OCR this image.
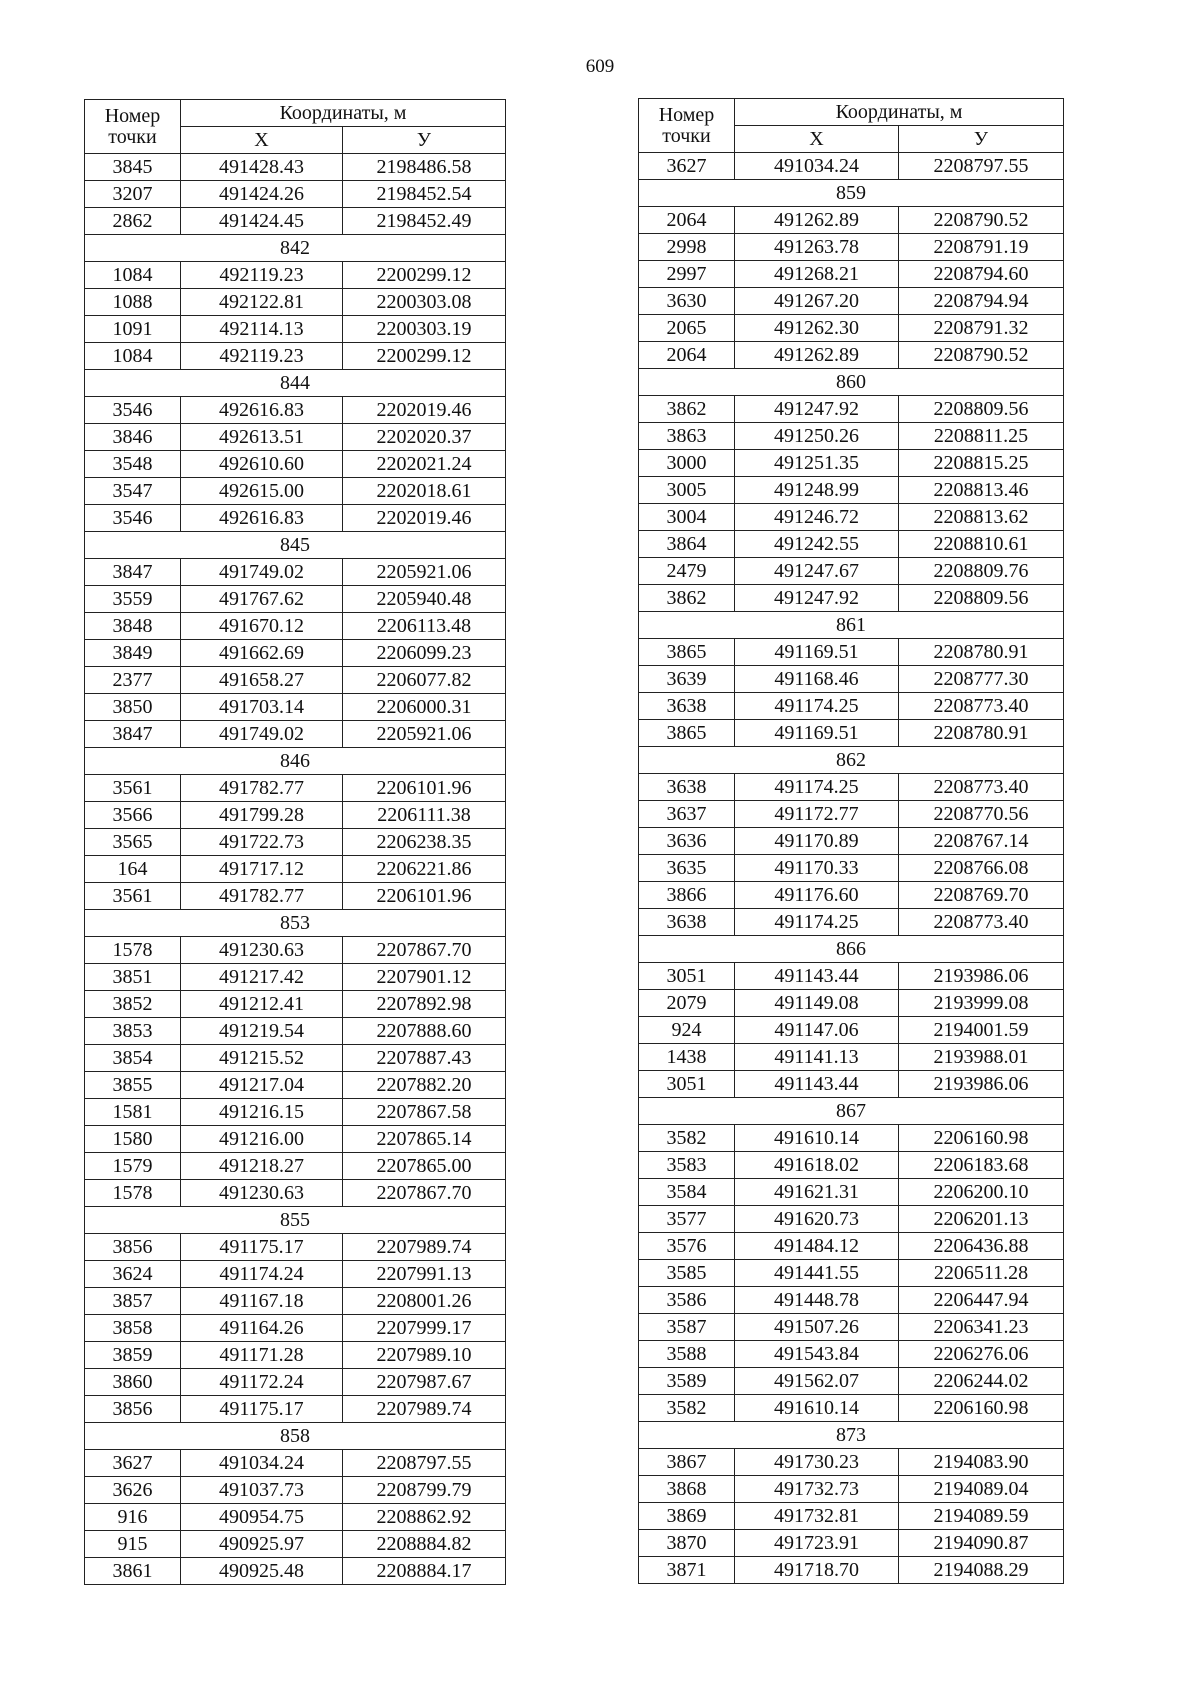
609
Номер
точки	Координаты, м	
	X	У
3845	491428.43	2198486.58
3207	491424.26	2198452.54
2862	491424.45	2198452.49
842		
1084	492119.23	2200299.12
1088	492122.81	2200303.08
1091	492114.13	2200303.19
1084	492119.23	2200299.12
844		
3546	492616.83	2202019.46
3846	492613.51	2202020.37
3548	492610.60	2202021.24
3547	492615.00	2202018.61
3546	492616.83	2202019.46
845		
3847	491749.02	2205921.06
3559	491767.62	2205940.48
3848	491670.12	2206113.48
3849	491662.69	2206099.23
2377	491658.27	2206077.82
3850	491703.14	2206000.31
3847	491749.02	2205921.06
846		
3561	491782.77	2206101.96
3566	491799.28	2206111.38
3565	491722.73	2206238.35
164	491717.12	2206221.86
3561	491782.77	2206101.96
853		
1578	491230.63	2207867.70
3851	491217.42	2207901.12
3852	491212.41	2207892.98
3853	491219.54	2207888.60
3854	491215.52	2207887.43
3855	491217.04	2207882.20
1581	491216.15	2207867.58
1580	491216.00	2207865.14
1579	491218.27	2207865.00
1578	491230.63	2207867.70
855		
3856	491175.17	2207989.74
3624	491174.24	2207991.13
3857	491167.18	2208001.26
3858	491164.26	2207999.17
3859	491171.28	2207989.10
3860	491172.24	2207987.67
3856	491175.17	2207989.74
858		
3627	491034.24	2208797.55
3626	491037.73	2208799.79
916	490954.75	2208862.92
915	490925.97	2208884.82
3861	490925.48	2208884.17
Номер
точки	Координаты, м	
	X	У
3627	491034.24	2208797.55
859		
2064	491262.89	2208790.52
2998	491263.78	2208791.19
2997	491268.21	2208794.60
3630	491267.20	2208794.94
2065	491262.30	2208791.32
2064	491262.89	2208790.52
860		
3862	491247.92	2208809.56
3863	491250.26	2208811.25
3000	491251.35	2208815.25
3005	491248.99	2208813.46
3004	491246.72	2208813.62
3864	491242.55	2208810.61
2479	491247.67	2208809.76
3862	491247.92	2208809.56
861		
3865	491169.51	2208780.91
3639	491168.46	2208777.30
3638	491174.25	2208773.40
3865	491169.51	2208780.91
862		
3638	491174.25	2208773.40
3637	491172.77	2208770.56
3636	491170.89	2208767.14
3635	491170.33	2208766.08
3866	491176.60	2208769.70
3638	491174.25	2208773.40
866		
3051	491143.44	2193986.06
2079	491149.08	2193999.08
924	491147.06	2194001.59
1438	491141.13	2193988.01
3051	491143.44	2193986.06
867		
3582	491610.14	2206160.98
3583	491618.02	2206183.68
3584	491621.31	2206200.10
3577	491620.73	2206201.13
3576	491484.12	2206436.88
3585	491441.55	2206511.28
3586	491448.78	2206447.94
3587	491507.26	2206341.23
3588	491543.84	2206276.06
3589	491562.07	2206244.02
3582	491610.14	2206160.98
873		
3867	491730.23	2194083.90
3868	491732.73	2194089.04
3869	491732.81	2194089.59
3870	491723.91	2194090.87
3871	491718.70	2194088.29
